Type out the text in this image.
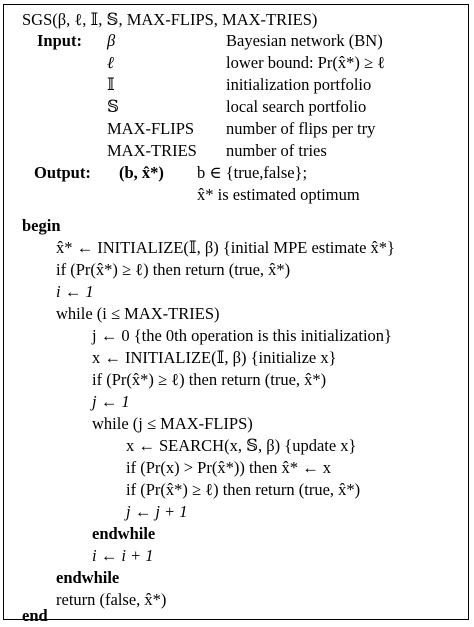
SGS(β, ℓ, 𝕀, 𝕊, MAX-FLIPS, MAX-TRIES)
Input: β	Bayesian network (BN)
ℓ	lower bound: Pr(x̂*) ≥ ℓ
𝕀	initialization portfolio
𝕊	local search portfolio
MAX-FLIPS number of flips per try
MAX-TRIES number of tries
Output: (b, x̂*) b ∈ {true,false};
x̂* is estimated optimum
begin
x̂* ← INITIALIZE(𝕀, β) {initial MPE estimate x̂*}
if (Pr(x̂*) ≥ ℓ) then return (true, x̂*)
i ← 1
while (i ≤ MAX-TRIES)
j ← 0 {the 0th operation is this initialization}
x ← INITIALIZE(𝕀, β) {initialize x}
if (Pr(x̂*) ≥ ℓ) then return (true, x̂*)
j ← 1
while (j ≤ MAX-FLIPS)
x ← SEARCH(x, 𝕊, β) {update x}
if (Pr(x) > Pr(x̂*)) then x̂* ← x
if (Pr(x̂*) ≥ ℓ) then return (true, x̂*)
j ← j + 1
endwhile
i ← i + 1
endwhile
return (false, x̂*)
end
